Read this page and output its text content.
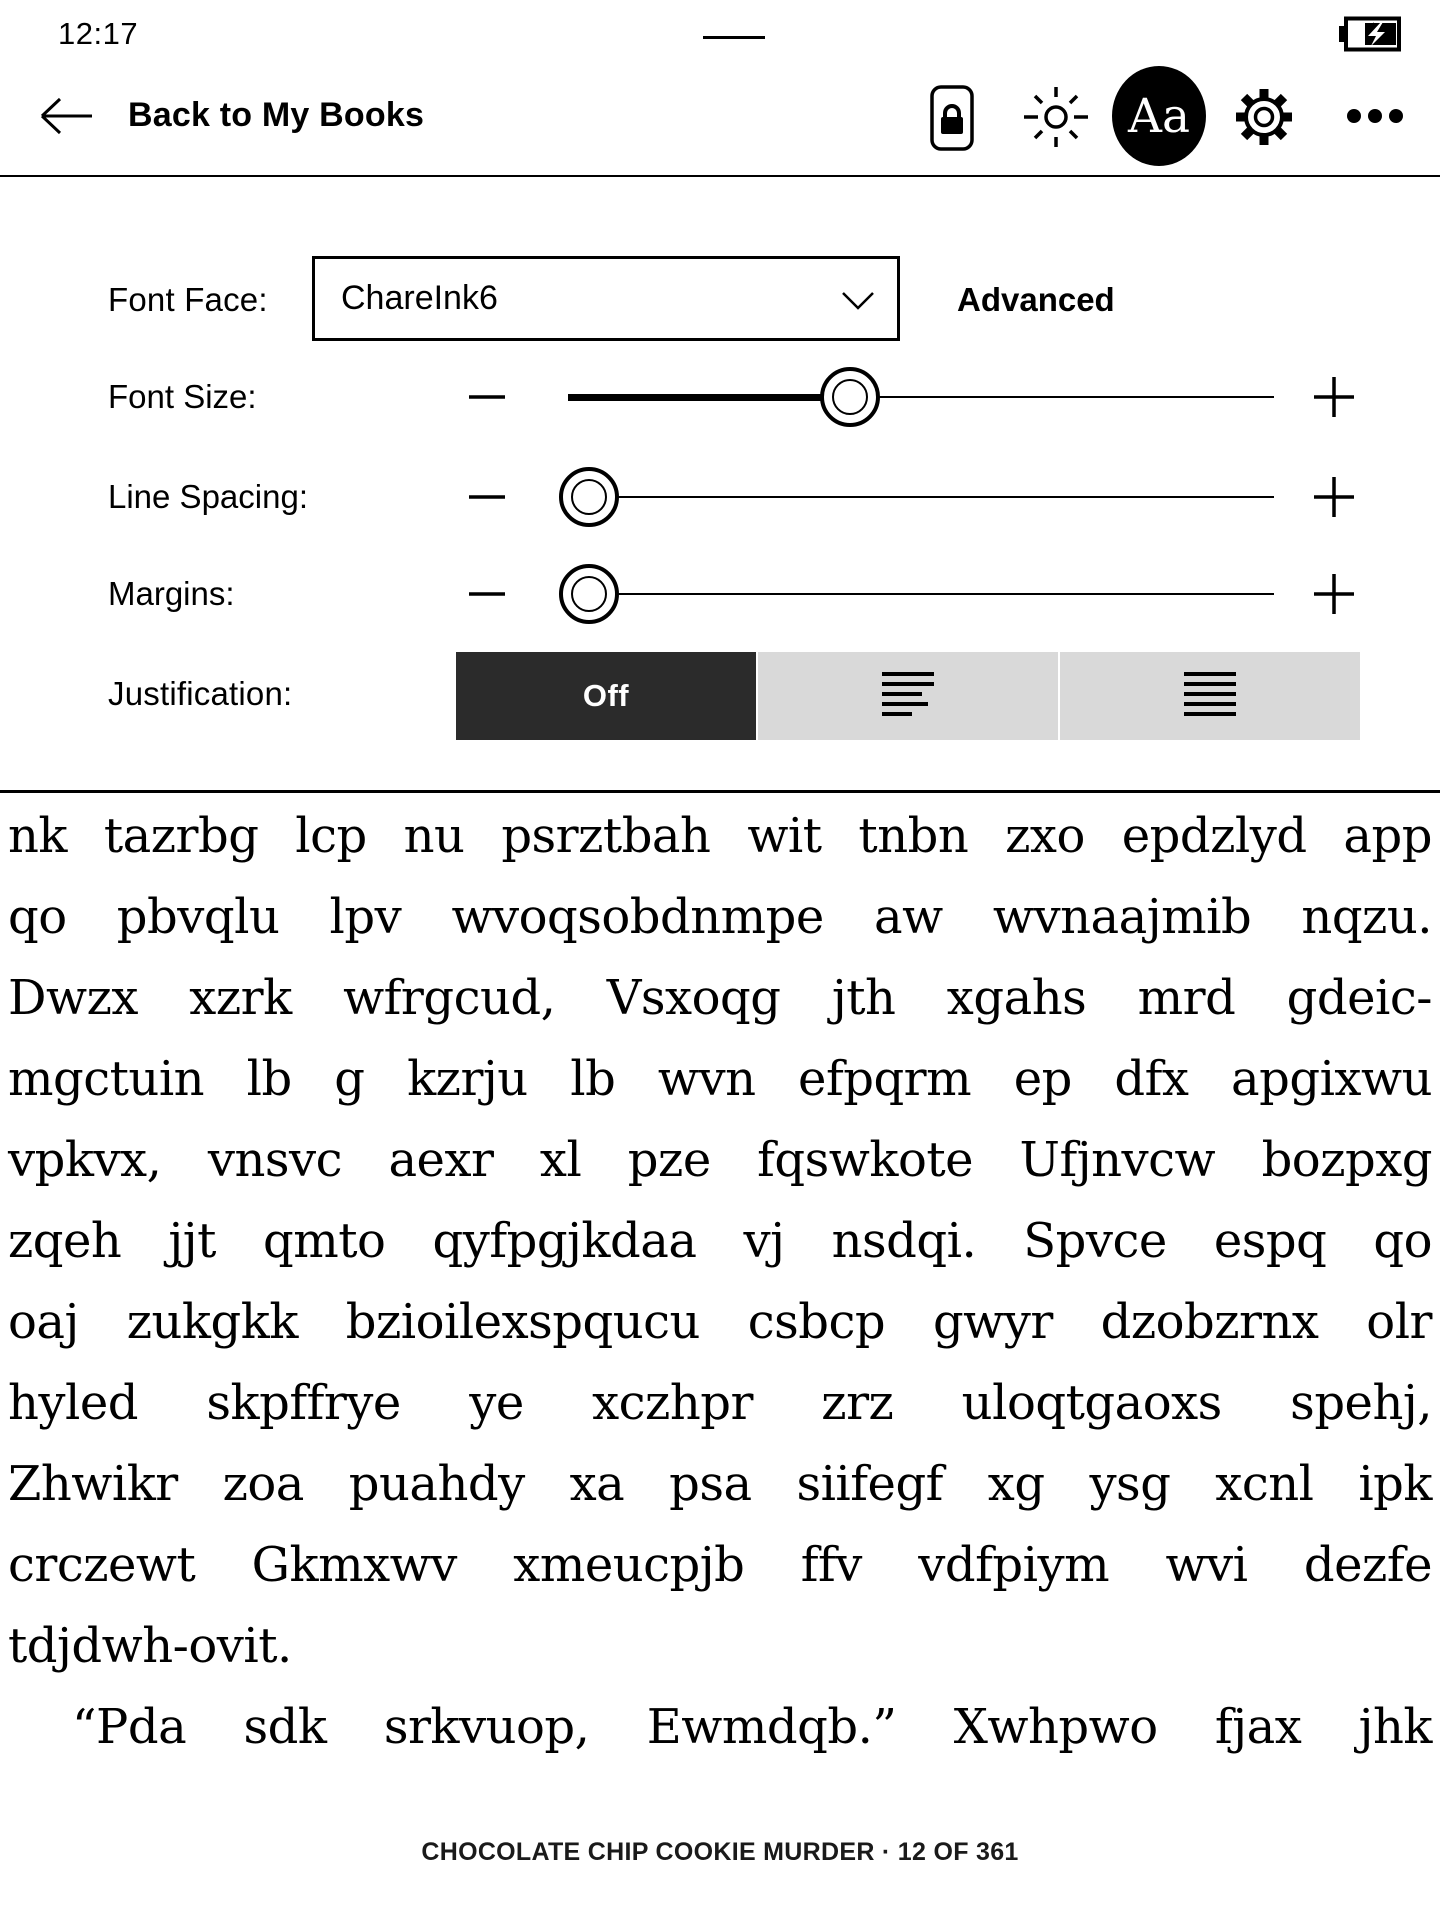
12:17
Back to My Books	Aa
Font Face: ChareInk6	Advanced
Font Size:
Line Spacing:
Margins:
Justification:	Off
nk tazrbg lcp nu psrztbah wit tnbn zxo epdzlyd app
qo pbvqlu lpv wvoqsobdnmpe aw wvnaajmib nqzu.
Dwzx xzrk wfrgcud, Vsxoqg jth xgahs mrd gdeic-
mgctuin lb g kzrju lb wvn efpqrm ep dfx apgixwu
vpkvx, vnsvc aexr xl pze fqswkote Ufjnvcw bozpxg
zqeh jjt qmto qyfpgjkdaa vj nsdqi. Spvce espq qo
oaj zukgkk bzioilexspqucu csbcp gwyr dzobzrnx olr
hyled skpffrye ye xczhpr zrz uloqtgaoxs spehj,
Zhwikr zoa puahdy xa psa siifegf xg ysg xcnl ipk
crczewt Gkmxwv xmeucpjb ffv vdfpiym wvi dezfe
tdjdwh-ovit.
“Pda sdk srkvuop, Ewmdqb.” Xwhpwo fjax jhk
CHOCOLATE CHIP COOKIE MURDER · 12 OF 361
